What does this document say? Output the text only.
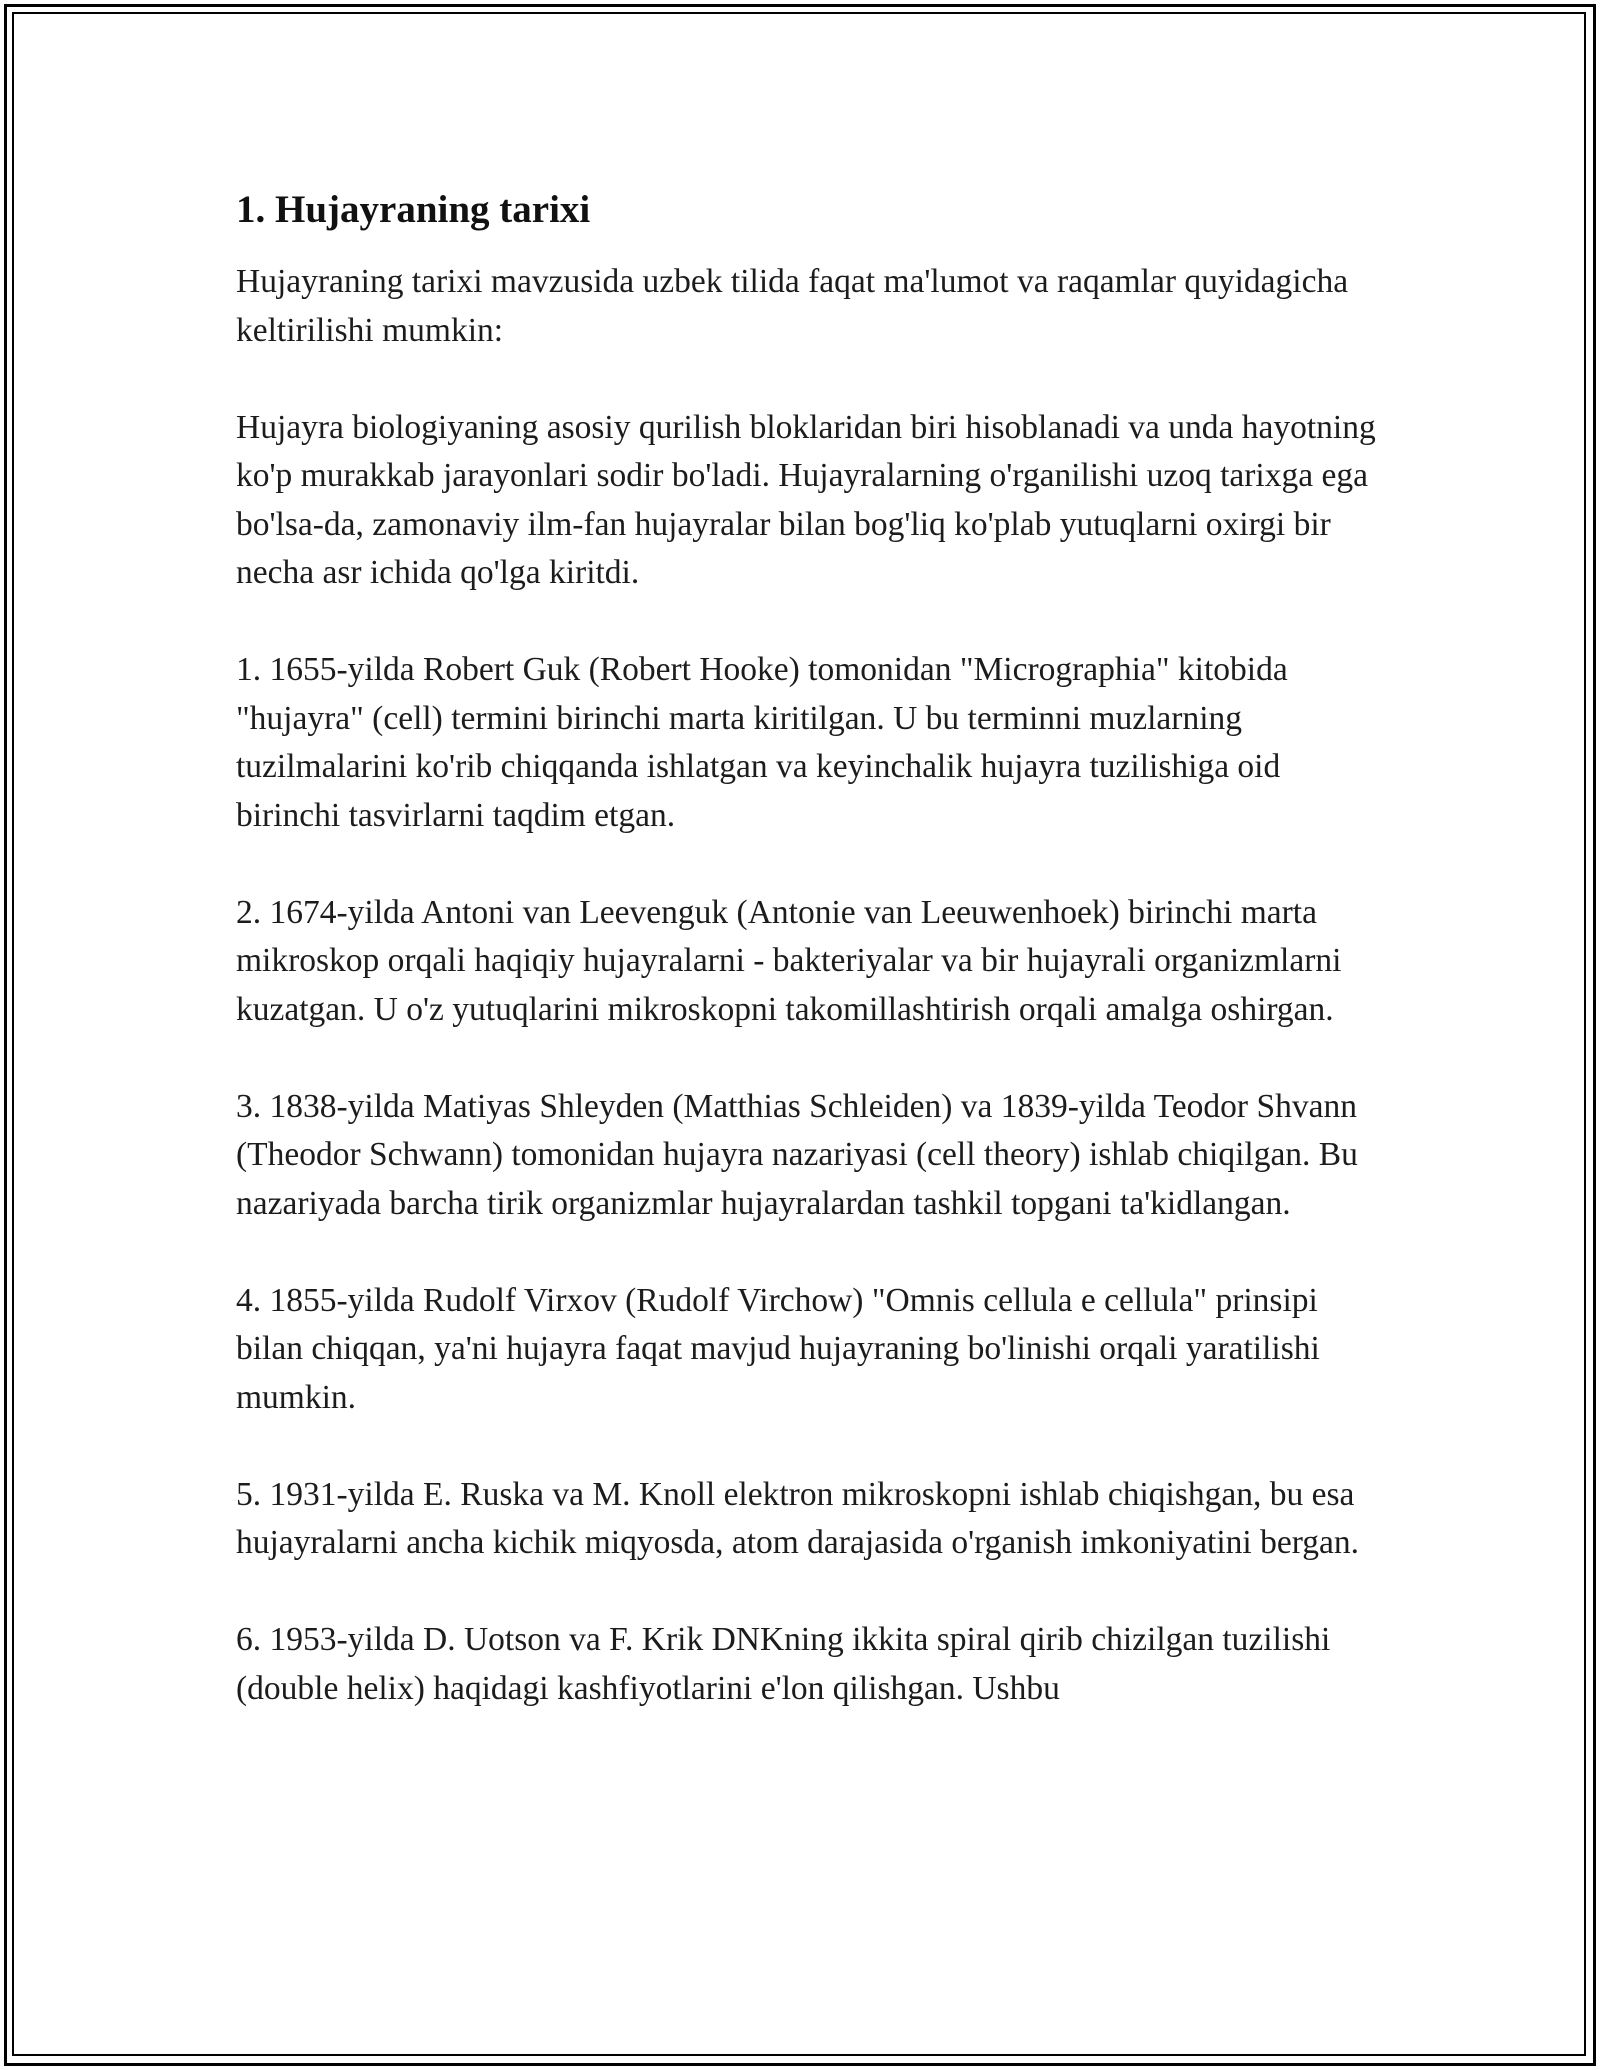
1. Hujayraning tarixi

Hujayraning tarixi mavzusida uzbek tilida faqat ma'lumot va raqamlar quyidagicha keltirilishi mumkin:

Hujayra biologiyaning asosiy qurilish bloklaridan biri hisoblanadi va unda hayotning ko'p murakkab jarayonlari sodir bo'ladi. Hujayralarning o'rganilishi uzoq tarixga ega bo'lsa-da, zamonaviy ilm-fan hujayralar bilan bog'liq ko'plab yutuqlarni oxirgi bir necha asr ichida qo'lga kiritdi.

1. 1655-yilda Robert Guk (Robert Hooke) tomonidan "Micrographia" kitobida "hujayra" (cell) termini birinchi marta kiritilgan. U bu terminni muzlarning tuzilmalarini ko'rib chiqqanda ishlatgan va keyinchalik hujayra tuzilishiga oid birinchi tasvirlarni taqdim etgan.

2. 1674-yilda Antoni van Leevenguk (Antonie van Leeuwenhoek) birinchi marta mikroskop orqali haqiqiy hujayralarni - bakteriyalar va bir hujayrali organizmlarni kuzatgan. U o'z yutuqlarini mikroskopni takomillashtirish orqali amalga oshirgan.

3. 1838-yilda Matiyas Shleyden (Matthias Schleiden) va 1839-yilda Teodor Shvann (Theodor Schwann) tomonidan hujayra nazariyasi (cell theory) ishlab chiqilgan. Bu nazariyada barcha tirik organizmlar hujayralardan tashkil topgani ta'kidlangan.

4. 1855-yilda Rudolf Virxov (Rudolf Virchow) "Omnis cellula e cellula" prinsipi bilan chiqqan, ya'ni hujayra faqat mavjud hujayraning bo'linishi orqali yaratilishi mumkin.

5. 1931-yilda E. Ruska va M. Knoll elektron mikroskopni ishlab chiqishgan, bu esa hujayralarni ancha kichik miqyosda, atom darajasida o'rganish imkoniyatini bergan.

6. 1953-yilda D. Uotson va F. Krik DNKning ikkita spiral qirib chizilgan tuzilishi (double helix) haqidagi kashfiyotlarini e'lon qilishgan. Ushbu
